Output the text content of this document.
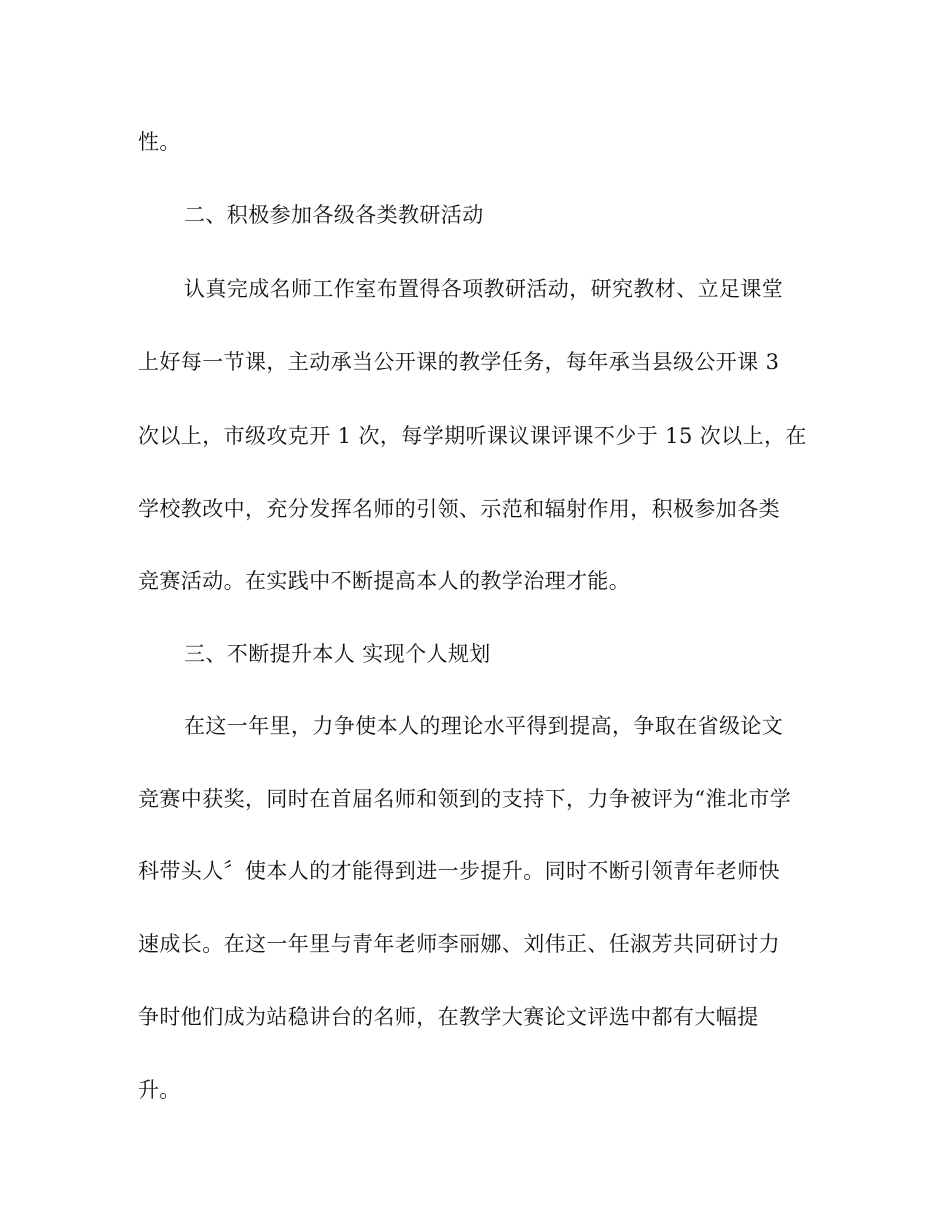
性。
二、积极参加各级各类教研活动
认真完成名师工作室布置得各项教研活动，研究教材、立足课堂
上好每一节课，主动承当公开课的教学任务，每年承当县级公开课 3
次以上，市级攻克开 1 次，每学期听课议课评课不少于 15 次以上，在
学校教改中，充分发挥名师的引领、示范和辐射作用，积极参加各类
竞赛活动。在实践中不断提高本人的教学治理才能。
三、不断提升本人 实现个人规划
在这一年里，力争使本人的理论水平得到提高，争取在省级论文
竞赛中获奖，同时在首届名师和领到的支持下，力争被评为“淮北市学
科带头人〞使本人的才能得到进一步提升。同时不断引领青年老师快
速成长。在这一年里与青年老师李丽娜、刘伟正、任淑芳共同研讨力
争时他们成为站稳讲台的名师，在教学大赛论文评选中都有大幅提
升。
